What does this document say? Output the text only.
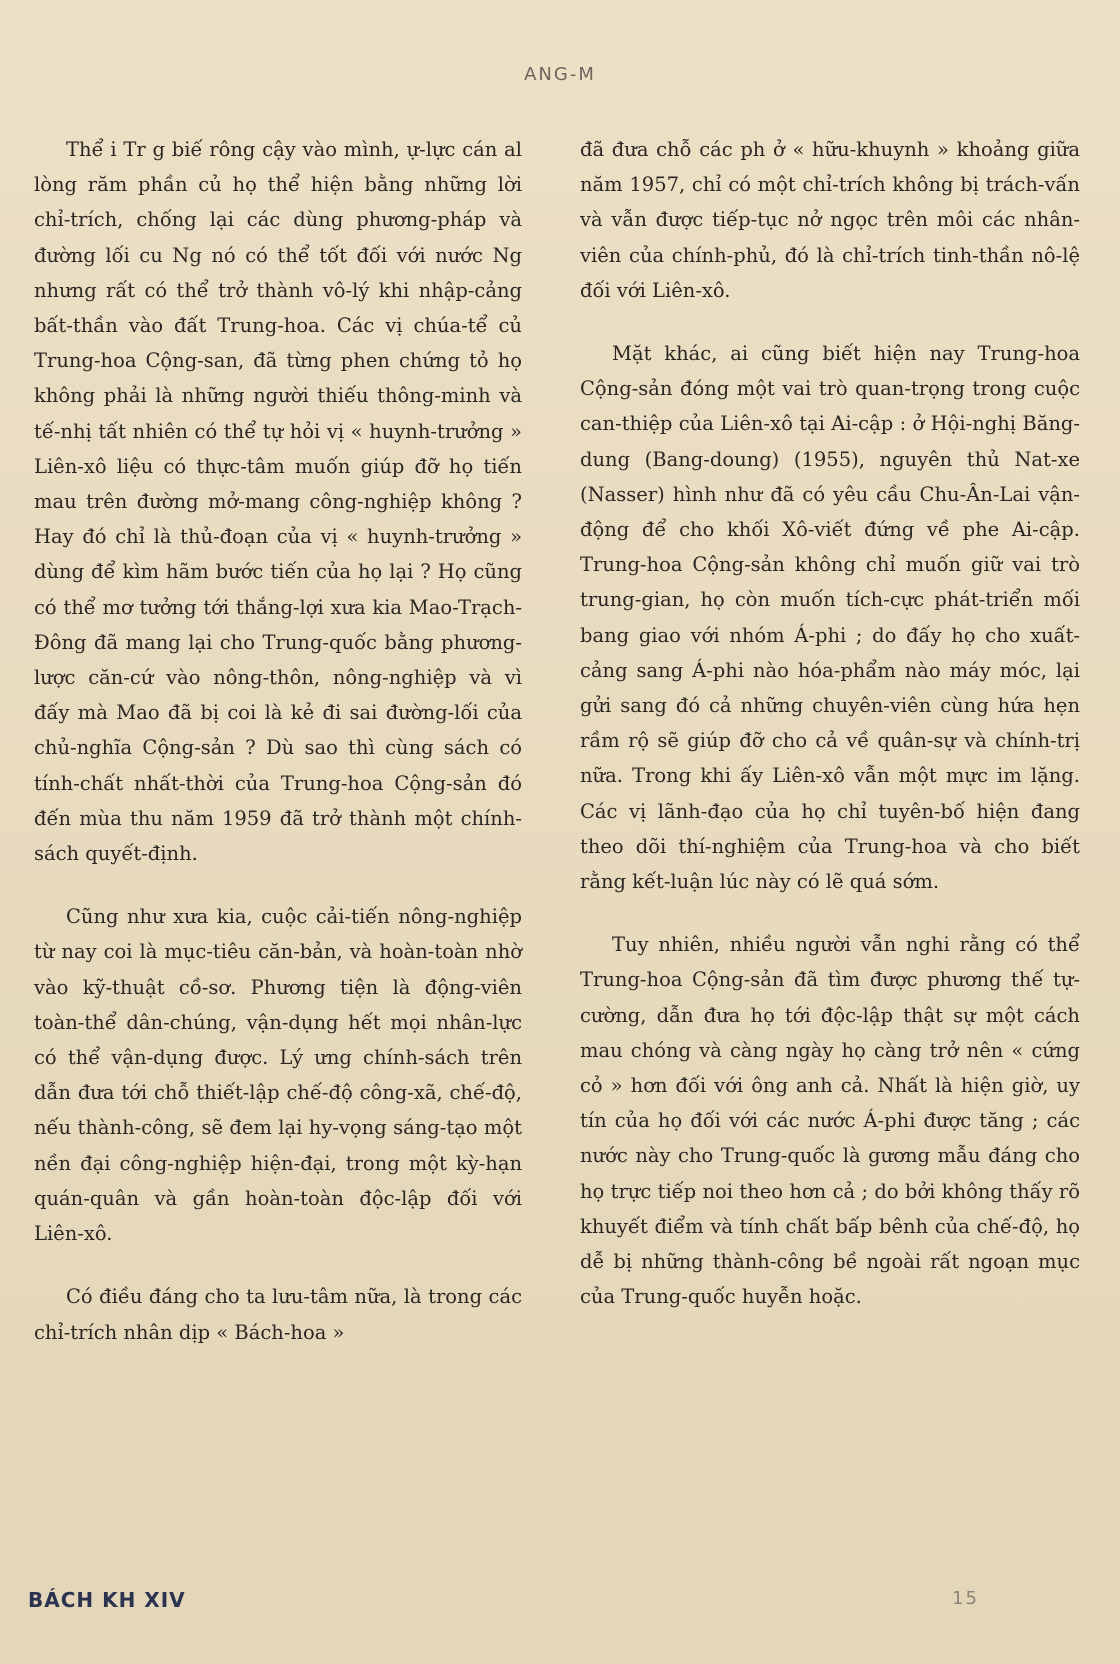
ANG-M

Thể i Tr g biế rông cậy vào mình, ự-lực cán al lòng răm phần củ họ thể hiện bằng những lời chỉ-trích, chống lại các dùng phương-pháp và đường lối cu Ng nó có thể tốt đối với nước Ng nhưng rất có thể trở thành vô-lý khi nhập-cảng bất-thần vào đất Trung-hoa. Các vị chúa-tể củ Trung-hoa Cộng-san, đã từng phen chứng tỏ họ không phải là những người thiếu thông-minh và tế-nhị tất nhiên có thể tự hỏi vị « huynh-trưởng » Liên-xô liệu có thực-tâm muốn giúp đỡ họ tiến mau trên đường mở-mang công-nghiệp không ? Hay đó chỉ là thủ-đoạn của vị « huynh-trưởng » dùng để kìm hãm bước tiến của họ lại ? Họ cũng có thể mơ tưởng tới thắng-lợi xưa kia Mao-Trạch-Đông đã mang lại cho Trung-quốc bằng phương-lược căn-cứ vào nông-thôn, nông-nghiệp và vì đấy mà Mao đã bị coi là kẻ đi sai đường-lối của chủ-nghĩa Cộng-sản ? Dù sao thì cùng sách có tính-chất nhất-thời của Trung-hoa Cộng-sản đó đến mùa thu năm 1959 đã trở thành một chính-sách quyết-định.

Cũng như xưa kia, cuộc cải-tiến nông-nghiệp từ nay coi là mục-tiêu căn-bản, và hoàn-toàn nhờ vào kỹ-thuật cồ-sơ. Phương tiện là động-viên toàn-thể dân-chúng, vận-dụng hết mọi nhân-lực có thể vận-dụng được. Lý ưng chính-sách trên dẫn đưa tới chỗ thiết-lập chế-độ công-xã, chế-độ, nếu thành-công, sẽ đem lại hy-vọng sáng-tạo một nền đại công-nghiệp hiện-đại, trong một kỳ-hạn quán-quân và gần hoàn-toàn độc-lập đối với Liên-xô.

Có điều đáng cho ta lưu-tâm nữa, là trong các chỉ-trích nhân dịp « Bách-hoa »

đã đưa chỗ các ph ở « hữu-khuynh » khoảng giữa năm 1957, chỉ có một chỉ-trích không bị trách-vấn và vẫn được tiếp-tục nở ngọc trên môi các nhân-viên của chính-phủ, đó là chỉ-trích tinh-thần nô-lệ đối với Liên-xô.

Mặt khác, ai cũng biết hiện nay Trung-hoa Cộng-sản đóng một vai trò quan-trọng trong cuộc can-thiệp của Liên-xô tại Ai-cập : ở Hội-nghị Băng-dung (Bang-doung) (1955), nguyên thủ Nat-xe (Nasser) hình như đã có yêu cầu Chu-Ân-Lai vận-động để cho khối Xô-viết đứng về phe Ai-cập. Trung-hoa Cộng-sản không chỉ muốn giữ vai trò trung-gian, họ còn muốn tích-cực phát-triển mối bang giao với nhóm Á-phi ; do đấy họ cho xuất-cảng sang Á-phi nào hóa-phẩm nào máy móc, lại gửi sang đó cả những chuyên-viên cùng hứa hẹn rầm rộ sẽ giúp đỡ cho cả về quân-sự và chính-trị nữa. Trong khi ấy Liên-xô vẫn một mực im lặng. Các vị lãnh-đạo của họ chỉ tuyên-bố hiện đang theo dõi thí-nghiệm của Trung-hoa và cho biết rằng kết-luận lúc này có lẽ quá sớm.

Tuy nhiên, nhiều người vẫn nghi rằng có thể Trung-hoa Cộng-sản đã tìm được phương thế tự-cường, dẫn đưa họ tới độc-lập thật sự một cách mau chóng và càng ngày họ càng trở nên « cứng cỏ » hơn đối với ông anh cả. Nhất là hiện giờ, uy tín của họ đối với các nước Á-phi được tăng ; các nước này cho Trung-quốc là gương mẫu đáng cho họ trực tiếp noi theo hơn cả ; do bởi không thấy rõ khuyết điểm và tính chất bấp bênh của chế-độ, họ dễ bị những thành-công bề ngoài rất ngoạn mục của Trung-quốc huyễn hoặc.

BÁCH KH XIV	15
